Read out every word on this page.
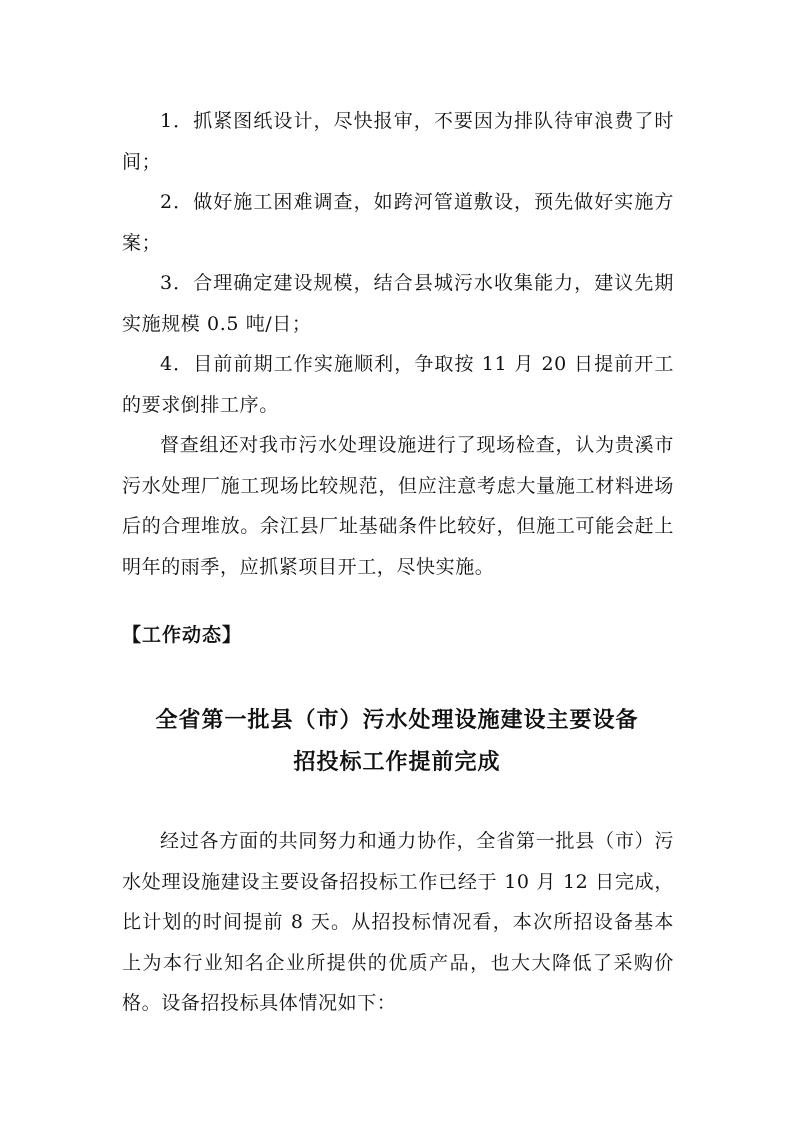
1．抓紧图纸设计，尽快报审，不要因为排队待审浪费了时间；

2．做好施工困难调查，如跨河管道敷设，预先做好实施方案；

3．合理确定建设规模，结合县城污水收集能力，建议先期实施规模 0.5 吨/日；

4．目前前期工作实施顺利，争取按 11 月 20 日提前开工的要求倒排工序。

督查组还对我市污水处理设施进行了现场检查，认为贵溪市污水处理厂施工现场比较规范，但应注意考虑大量施工材料进场后的合理堆放。余江县厂址基础条件比较好，但施工可能会赶上明年的雨季，应抓紧项目开工，尽快实施。

【工作动态】
全省第一批县（市）污水处理设施建设主要设备
招投标工作提前完成

经过各方面的共同努力和通力协作，全省第一批县（市）污水处理设施建设主要设备招投标工作已经于 10 月 12 日完成，比计划的时间提前 8 天。从招投标情况看，本次所招设备基本上为本行业知名企业所提供的优质产品，也大大降低了采购价格。设备招投标具体情况如下：
